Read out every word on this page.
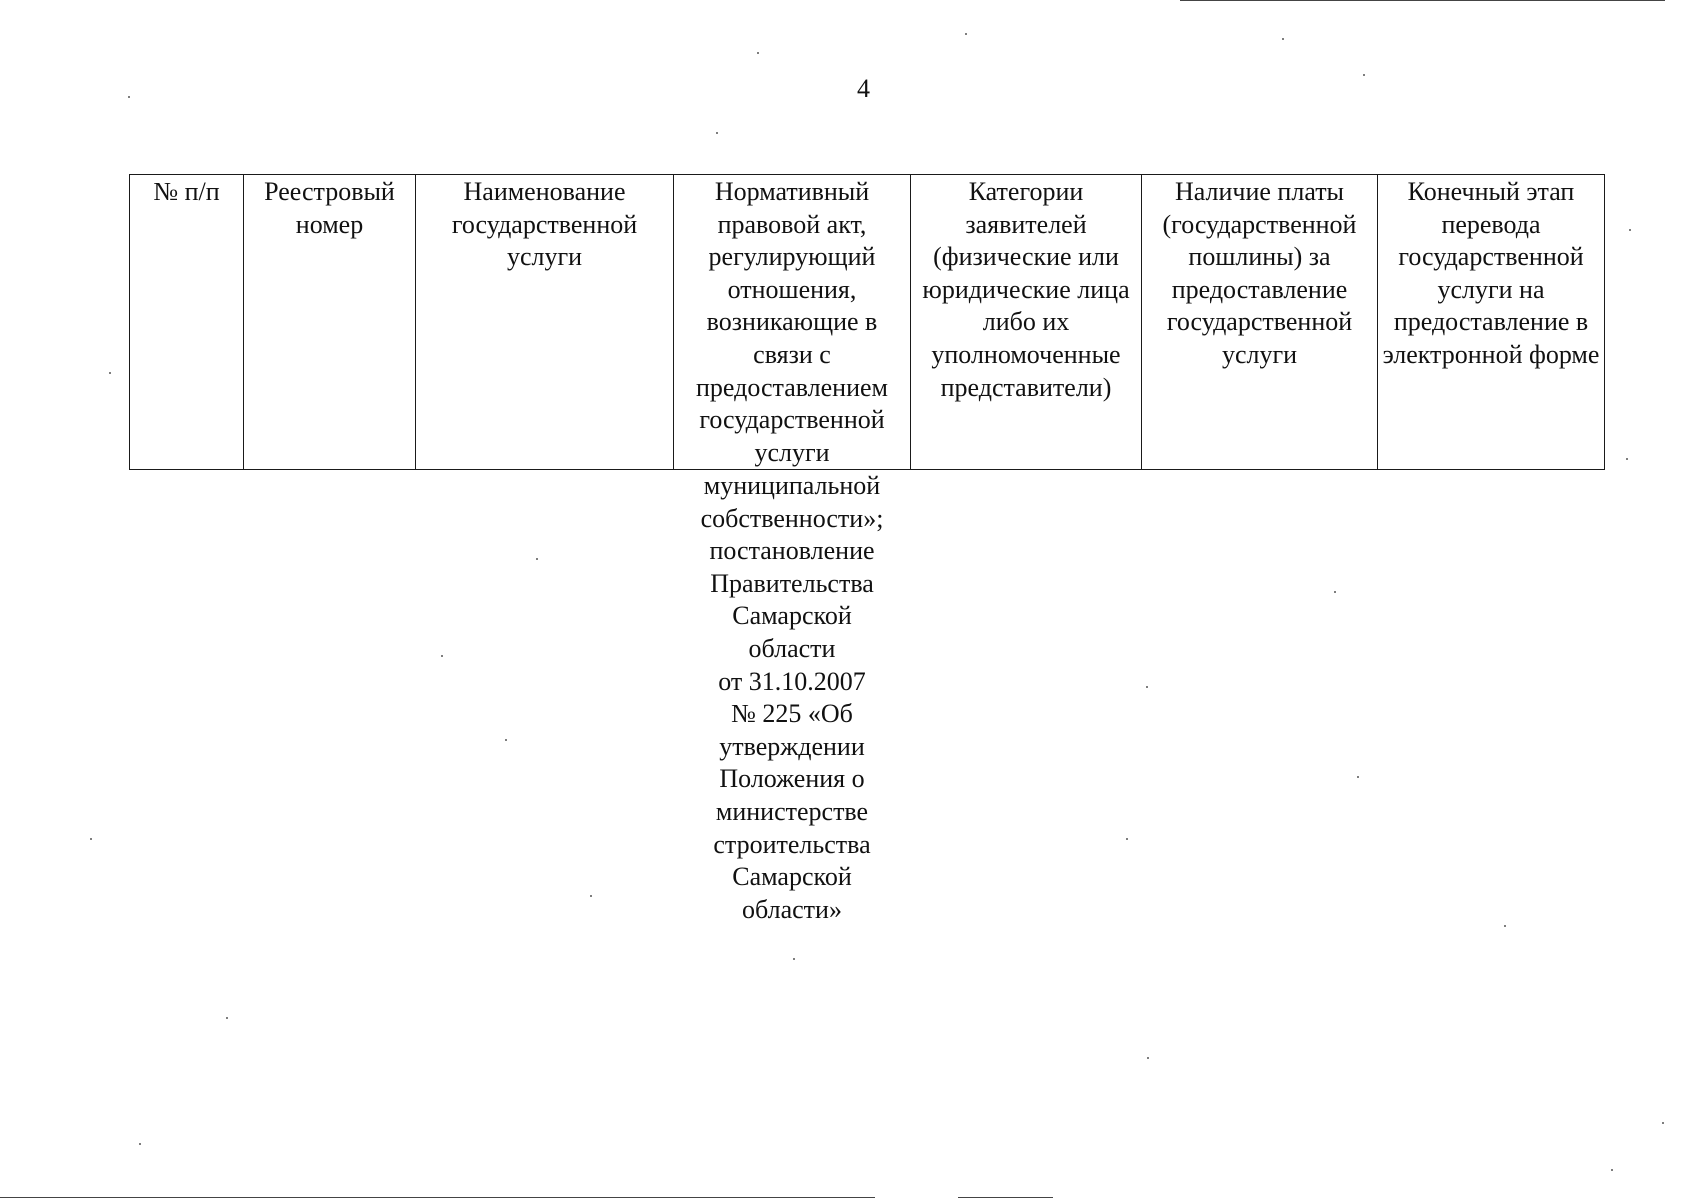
4
№ п/п	Реестровый номер	Наименование государственной услуги	Нормативный правовой акт, регулирующий отношения, возникающие в связи с предоставлением государственной услуги	Категории заявителей (физические или юридические лица либо их уполномоченные представители)	Наличие платы (государственной пошлины) за предоставление государственной услуги	Конечный этап перевода государственной услуги на предоставление в электронной форме
муниципальной
собственности»;
постановление
Правительства
Самарской
области
от 31.10.2007
№ 225 «Об
утверждении
Положения о
министерстве
строительства
Самарской
области»
